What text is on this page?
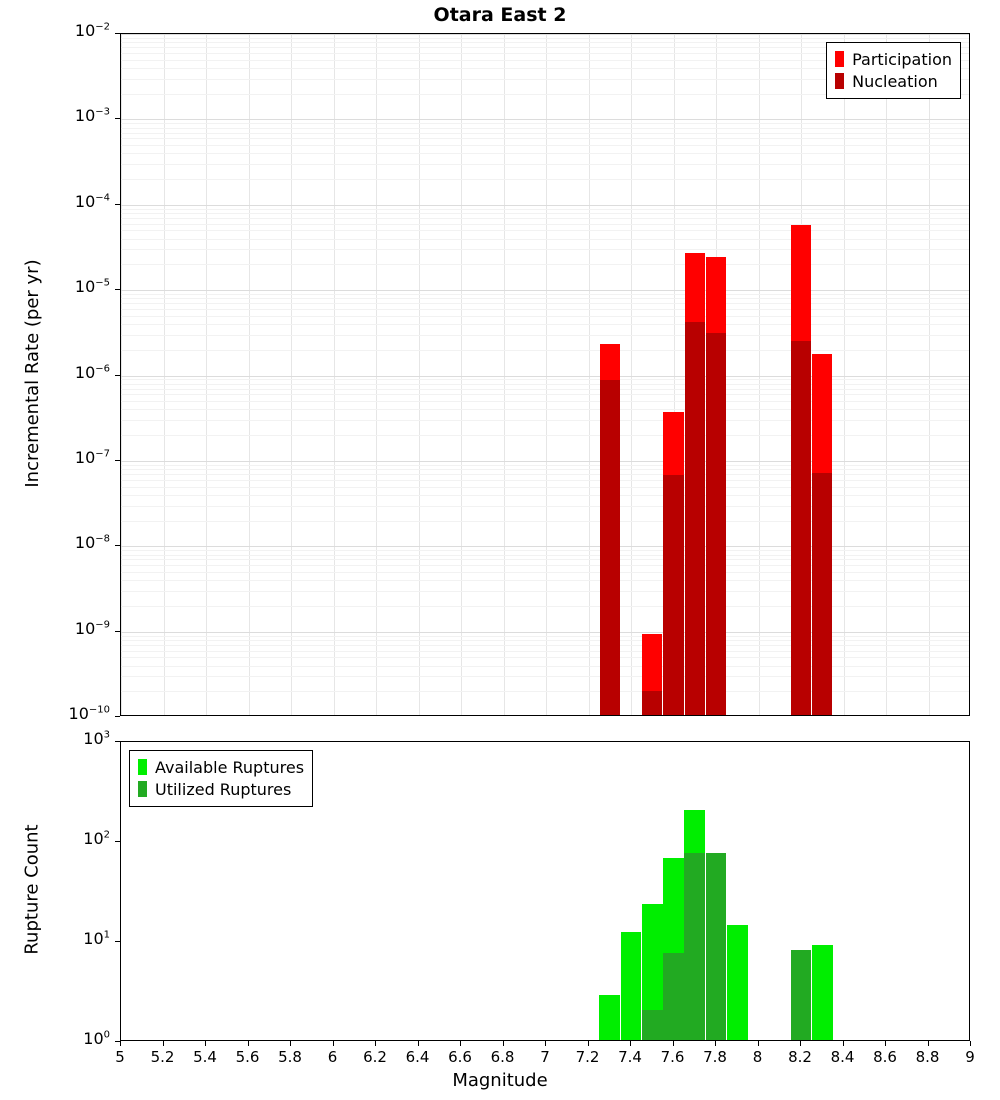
Otara East 2
Participation
Nucleation
Available Ruptures
Utilized Ruptures
Incremental Rate (per yr)
Rupture Count
Magnitude
$10^{-10}$
$10^{-9}$
$10^{-8}$
$10^{-7}$
$10^{-6}$
$10^{-5}$
$10^{-4}$
$10^{-3}$
$10^{-2}$
$10^0$
$10^1$
$10^2$
$10^3$
5	5.2	5.4	5.6	5.8	6	6.2	6.4	6.6	6.8	7	7.2	7.4	7.6	7.8	8	8.2	8.4	8.6	8.8	9
